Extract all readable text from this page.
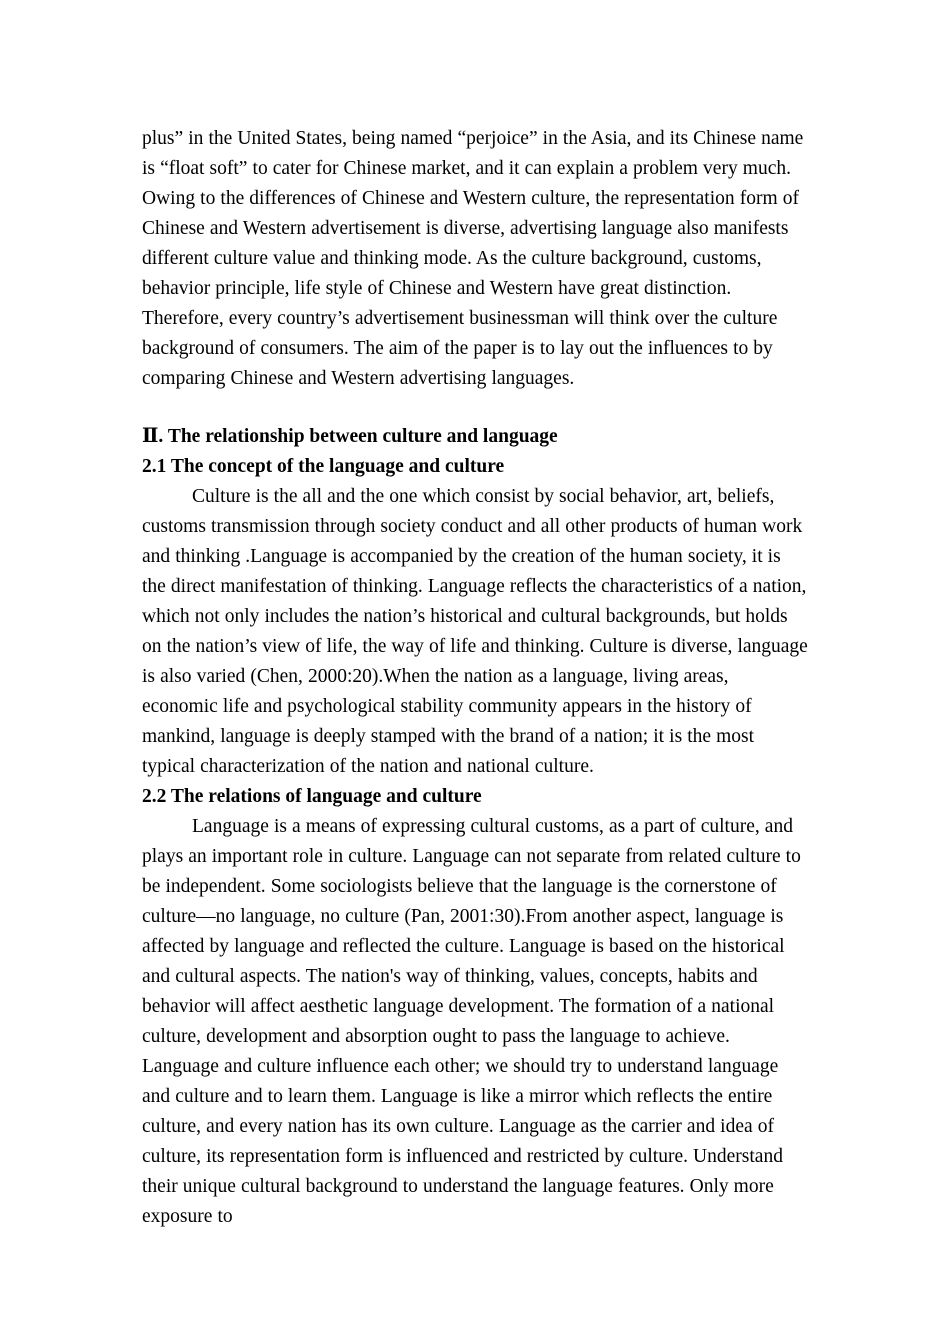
plus” in the United States, being named “perjoice” in the Asia, and its Chinese name is “float soft” to cater for Chinese market, and it can explain a problem very much. Owing to the differences of Chinese and Western culture, the representation form of Chinese and Western advertisement is diverse, advertising language also manifests different culture value and thinking mode. As the culture background, customs, behavior principle, life style of Chinese and Western have great distinction. Therefore, every country’s advertisement businessman will think over the culture background of consumers. The aim of the paper is to lay out the influences to by comparing Chinese and Western advertising languages.

Ⅱ. The relationship between culture and language

2.1 The concept of the language and culture

Culture is the all and the one which consist by social behavior, art, beliefs, customs transmission through society conduct and all other products of human work and thinking .Language is accompanied by the creation of the human society, it is the direct manifestation of thinking. Language reflects the characteristics of a nation, which not only includes the nation’s historical and cultural backgrounds, but holds on the nation’s view of life, the way of life and thinking. Culture is diverse, language is also varied (Chen, 2000:20).When the nation as a language, living areas, economic life and psychological stability community appears in the history of mankind, language is deeply stamped with the brand of a nation; it is the most typical characterization of the nation and national culture.

2.2 The relations of language and culture

Language is a means of expressing cultural customs, as a part of culture, and plays an important role in culture. Language can not separate from related culture to be independent. Some sociologists believe that the language is the cornerstone of culture—no language, no culture (Pan, 2001:30).From another aspect, language is affected by language and reflected the culture. Language is based on the historical and cultural aspects. The nation's way of thinking, values, concepts, habits and behavior will affect aesthetic language development. The formation of a national culture, development and absorption ought to pass the language to achieve. Language and culture influence each other; we should try to understand language and culture and to learn them. Language is like a mirror which reflects the entire culture, and every nation has its own culture. Language as the carrier and idea of culture, its representation form is influenced and restricted by culture. Understand their unique cultural background to understand the language features. Only more exposure to
